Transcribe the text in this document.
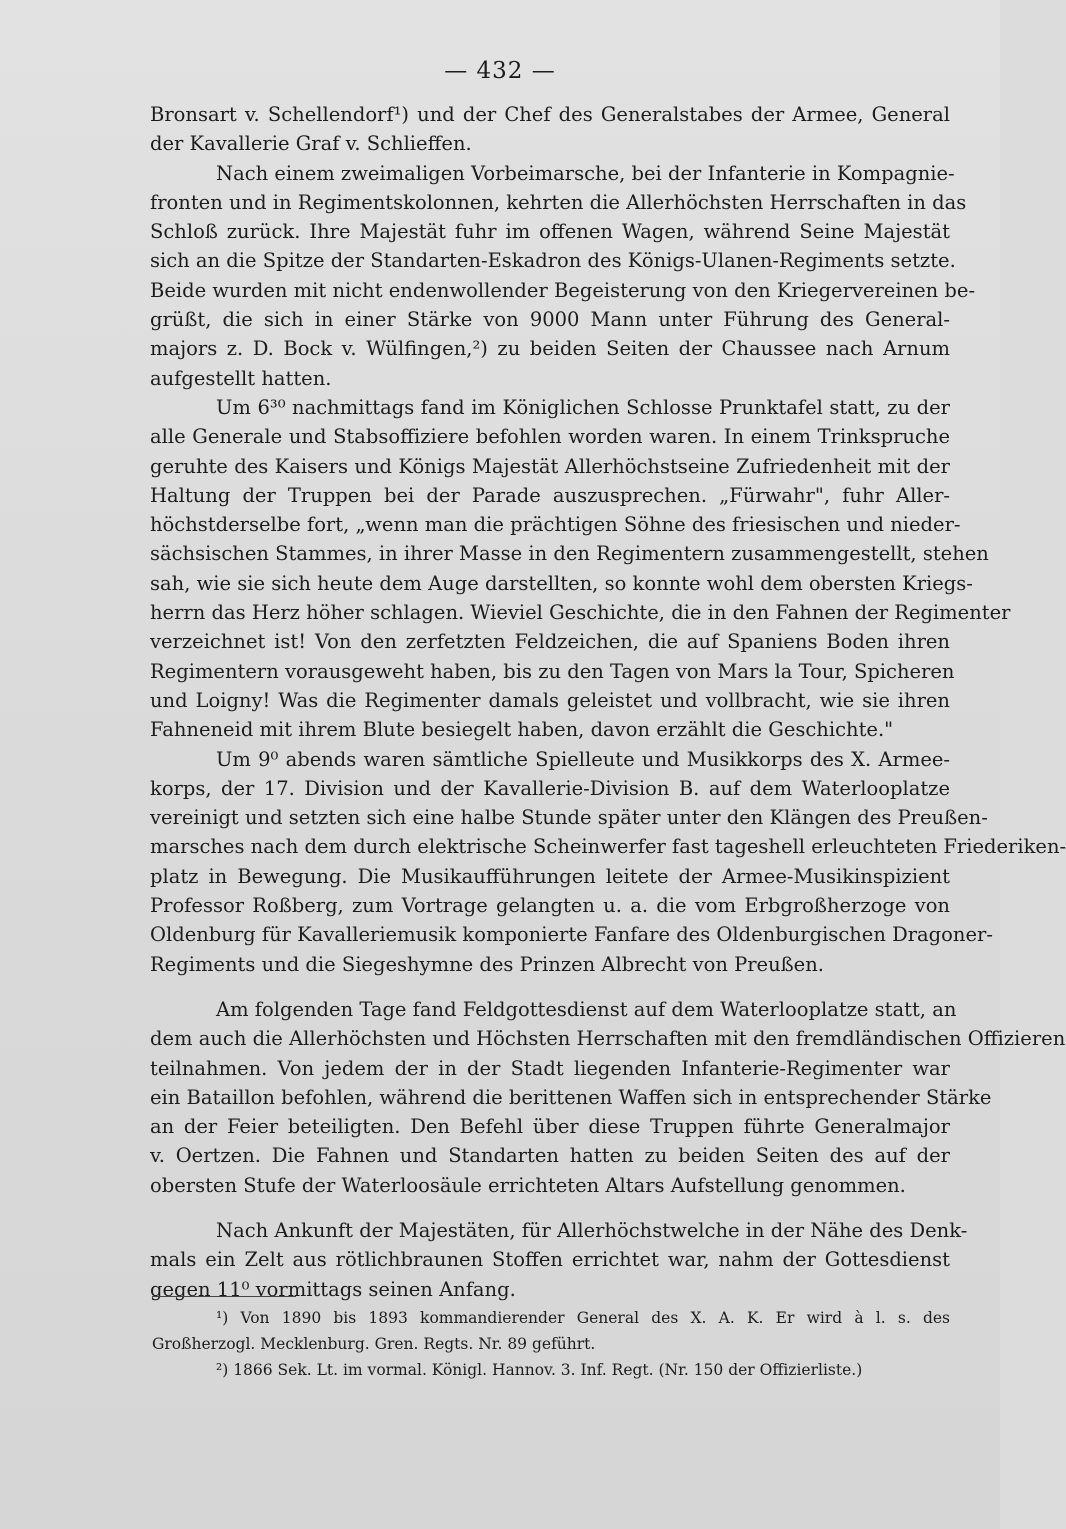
— 432 —
Bronsart v. Schellendorf¹) und der Chef des Generalstabes der Armee, General
der Kavallerie Graf v. Schlieffen.
Nach einem zweimaligen Vorbeimarsche, bei der Infanterie in Kompagnie-
fronten und in Regimentskolonnen, kehrten die Allerhöchsten Herrschaften in das
Schloß zurück. Ihre Majestät fuhr im offenen Wagen, während Seine Majestät
sich an die Spitze der Standarten-Eskadron des Königs-Ulanen-Regiments setzte.
Beide wurden mit nicht endenwollender Begeisterung von den Kriegervereinen be-
grüßt, die sich in einer Stärke von 9000 Mann unter Führung des General-
majors z. D. Bock v. Wülfingen,²) zu beiden Seiten der Chaussee nach Arnum
aufgestellt hatten.
Um 6³⁰ nachmittags fand im Königlichen Schlosse Prunktafel statt, zu der
alle Generale und Stabsoffiziere befohlen worden waren. In einem Trinkspruche
geruhte des Kaisers und Königs Majestät Allerhöchstseine Zufriedenheit mit der
Haltung der Truppen bei der Parade auszusprechen. „Fürwahr", fuhr Aller-
höchstderselbe fort, „wenn man die prächtigen Söhne des friesischen und nieder-
sächsischen Stammes, in ihrer Masse in den Regimentern zusammengestellt, stehen
sah, wie sie sich heute dem Auge darstellten, so konnte wohl dem obersten Kriegs-
herrn das Herz höher schlagen. Wieviel Geschichte, die in den Fahnen der Regimenter
verzeichnet ist! Von den zerfetzten Feldzeichen, die auf Spaniens Boden ihren
Regimentern vorausgeweht haben, bis zu den Tagen von Mars la Tour, Spicheren
und Loigny! Was die Regimenter damals geleistet und vollbracht, wie sie ihren
Fahneneid mit ihrem Blute besiegelt haben, davon erzählt die Geschichte."
Um 9⁰ abends waren sämtliche Spielleute und Musikkorps des X. Armee-
korps, der 17. Division und der Kavallerie-Division B. auf dem Waterlooplatze
vereinigt und setzten sich eine halbe Stunde später unter den Klängen des Preußen-
marsches nach dem durch elektrische Scheinwerfer fast tageshell erleuchteten Friederiken-
platz in Bewegung. Die Musikaufführungen leitete der Armee-Musikinspizient
Professor Roßberg, zum Vortrage gelangten u. a. die vom Erbgroßherzoge von
Oldenburg für Kavalleriemusik komponierte Fanfare des Oldenburgischen Dragoner-
Regiments und die Siegeshymne des Prinzen Albrecht von Preußen.
Am folgenden Tage fand Feldgottesdienst auf dem Waterlooplatze statt, an
dem auch die Allerhöchsten und Höchsten Herrschaften mit den fremdländischen Offizieren
teilnahmen. Von jedem der in der Stadt liegenden Infanterie-Regimenter war
ein Bataillon befohlen, während die berittenen Waffen sich in entsprechender Stärke
an der Feier beteiligten. Den Befehl über diese Truppen führte Generalmajor
v. Oertzen. Die Fahnen und Standarten hatten zu beiden Seiten des auf der
obersten Stufe der Waterloosäule errichteten Altars Aufstellung genommen.
Nach Ankunft der Majestäten, für Allerhöchstwelche in der Nähe des Denk-
mals ein Zelt aus rötlichbraunen Stoffen errichtet war, nahm der Gottesdienst
gegen 11⁰ vormittags seinen Anfang.
¹) Von 1890 bis 1893 kommandierender General des X. A. K. Er wird à l. s. des
Großherzogl. Mecklenburg. Gren. Regts. Nr. 89 geführt.
²) 1866 Sek. Lt. im vormal. Königl. Hannov. 3. Inf. Regt. (Nr. 150 der Offizierliste.)
